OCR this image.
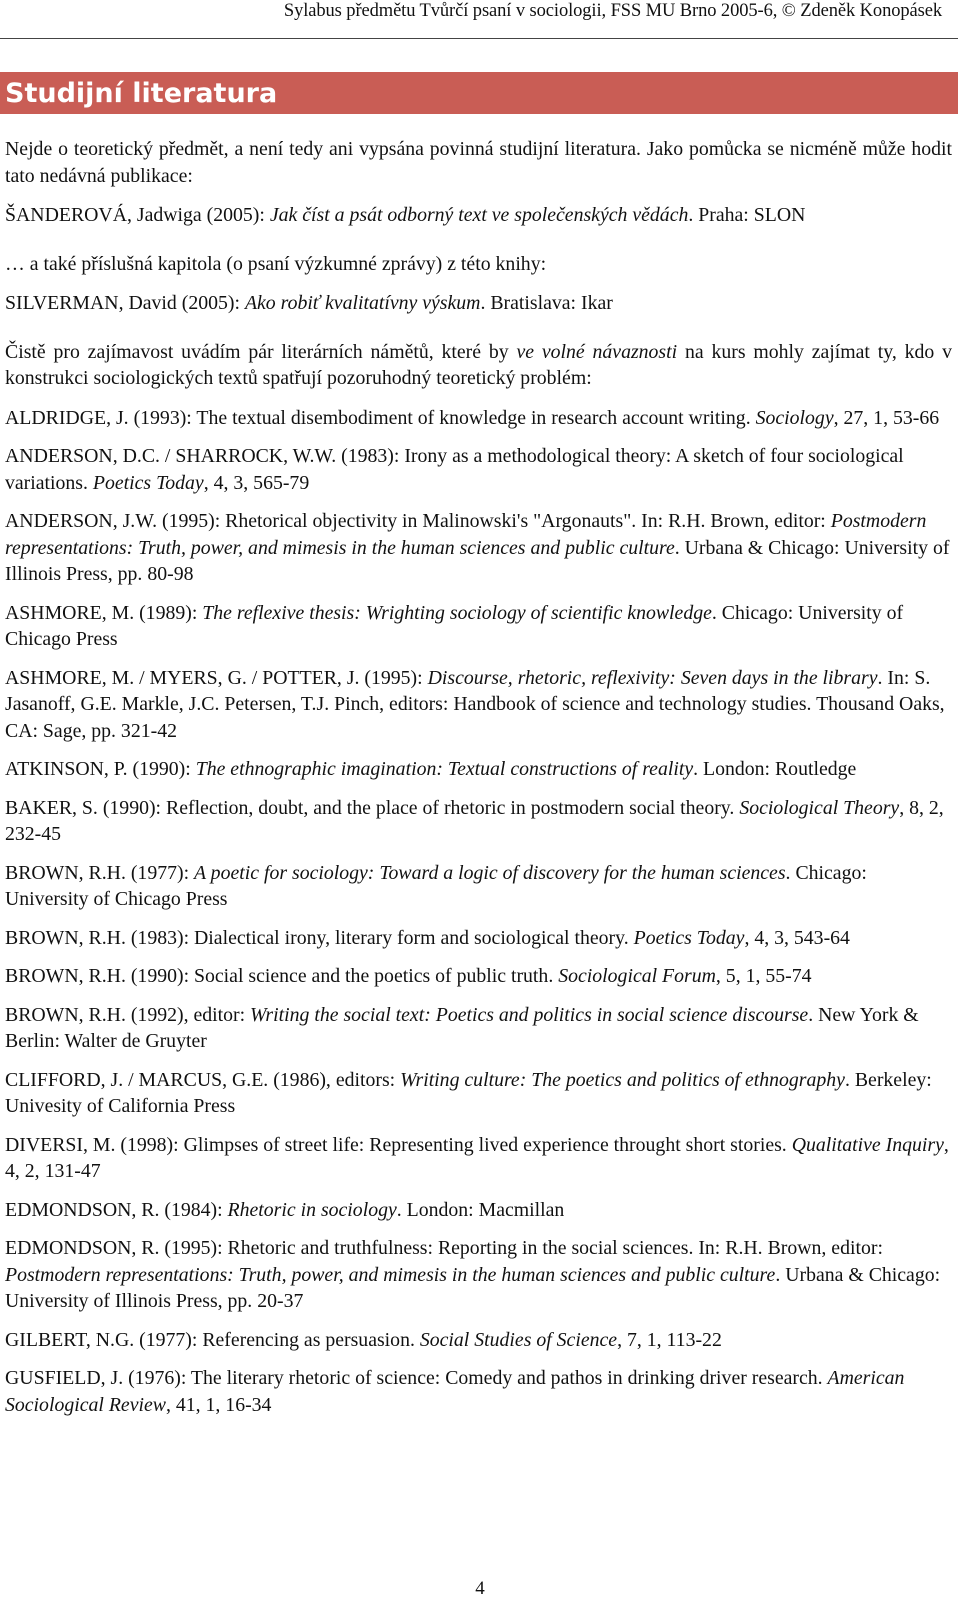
Sylabus předmětu Tvůrčí psaní v sociologii, FSS MU Brno 2005-6, © Zdeněk Konopásek
Studijní literatura

Nejde o teoretický předmět, a není tedy ani vypsána povinná studijní literatura. Jako pomůcka se nicméně může hodit tato nedávná publikace:

ŠANDEROVÁ, Jadwiga (2005): Jak číst a psát odborný text ve společenských vědách. Praha: SLON

… a také příslušná kapitola (o psaní výzkumné zprávy) z této knihy:

SILVERMAN, David (2005): Ako robiť kvalitatívny výskum. Bratislava: Ikar

Čistě pro zajímavost uvádím pár literárních námětů, které by ve volné návaznosti na kurs mohly zajímat ty, kdo v konstrukci sociologických textů spatřují pozoruhodný teoretický problém:

ALDRIDGE, J. (1993): The textual disembodiment of knowledge in research account writing. Sociology, 27, 1, 53-66

ANDERSON, D.C. / SHARROCK, W.W. (1983): Irony as a methodological theory: A sketch of four sociological variations. Poetics Today, 4, 3, 565-79

ANDERSON, J.W. (1995): Rhetorical objectivity in Malinowski's "Argonauts". In: R.H. Brown, editor: Postmodern representations: Truth, power, and mimesis in the human sciences and public culture. Urbana & Chicago: University of Illinois Press, pp. 80-98

ASHMORE, M. (1989): The reflexive thesis: Wrighting sociology of scientific knowledge. Chicago: University of Chicago Press

ASHMORE, M. / MYERS, G. / POTTER, J. (1995): Discourse, rhetoric, reflexivity: Seven days in the library. In: S. Jasanoff, G.E. Markle, J.C. Petersen, T.J. Pinch, editors: Handbook of science and technology studies. Thousand Oaks, CA: Sage, pp. 321-42

ATKINSON, P. (1990): The ethnographic imagination: Textual constructions of reality. London: Routledge

BAKER, S. (1990): Reflection, doubt, and the place of rhetoric in postmodern social theory. Sociological Theory, 8, 2, 232-45

BROWN, R.H. (1977): A poetic for sociology: Toward a logic of discovery for the human sciences. Chicago: University of Chicago Press

BROWN, R.H. (1983): Dialectical irony, literary form and sociological theory. Poetics Today, 4, 3, 543-64

BROWN, R.H. (1990): Social science and the poetics of public truth. Sociological Forum, 5, 1, 55-74

BROWN, R.H. (1992), editor: Writing the social text: Poetics and politics in social science discourse. New York & Berlin: Walter de Gruyter

CLIFFORD, J. / MARCUS, G.E. (1986), editors: Writing culture: The poetics and politics of ethnography. Berkeley: Univesity of California Press

DIVERSI, M. (1998): Glimpses of street life: Representing lived experience throught short stories. Qualitative Inquiry, 4, 2, 131-47

EDMONDSON, R. (1984): Rhetoric in sociology. London: Macmillan

EDMONDSON, R. (1995): Rhetoric and truthfulness: Reporting in the social sciences. In: R.H. Brown, editor: Postmodern representations: Truth, power, and mimesis in the human sciences and public culture. Urbana & Chicago: University of Illinois Press, pp. 20-37

GILBERT, N.G. (1977): Referencing as persuasion. Social Studies of Science, 7, 1, 113-22

GUSFIELD, J. (1976): The literary rhetoric of science: Comedy and pathos in drinking driver research. American Sociological Review, 41, 1, 16-34

4
